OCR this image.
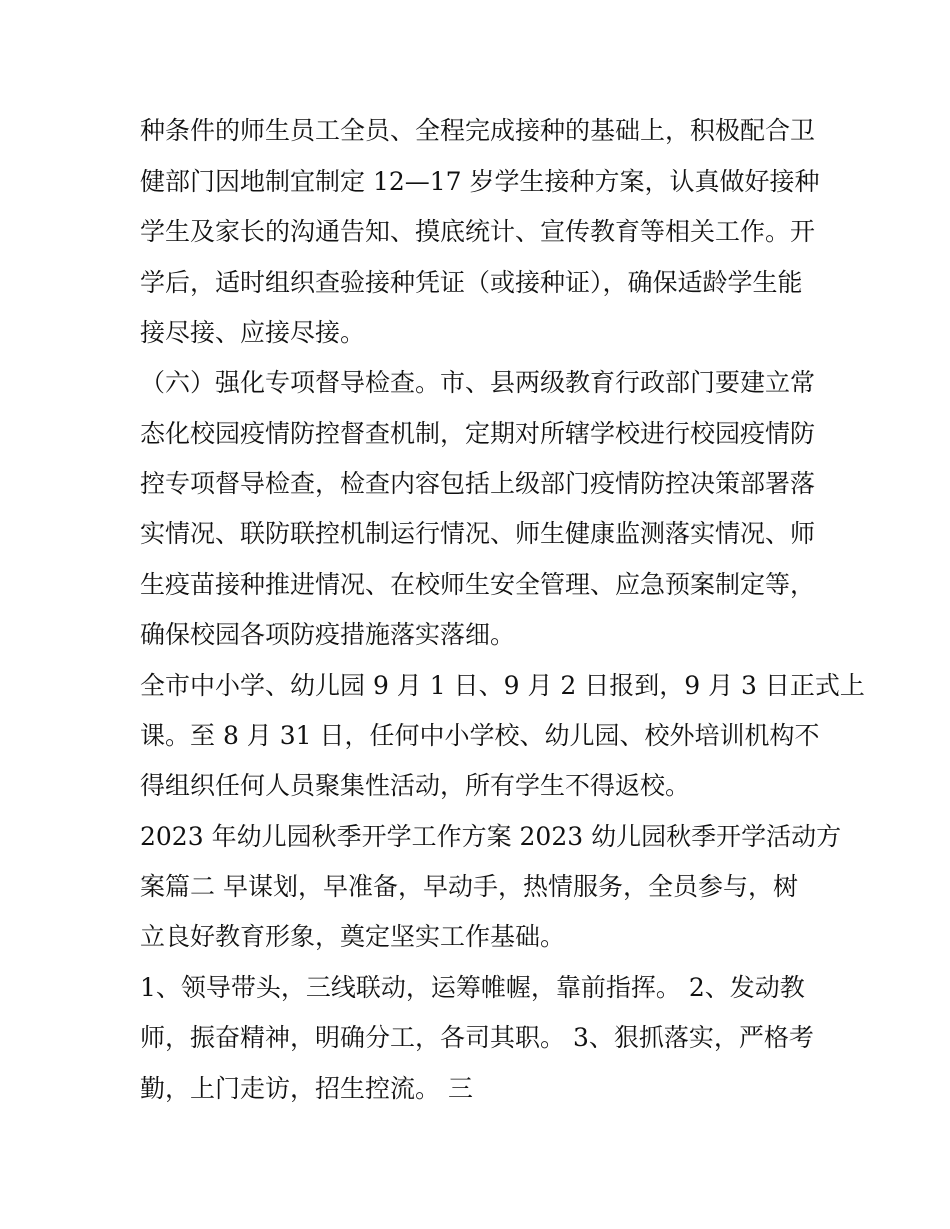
种条件的师生员工全员、全程完成接种的基础上，积极配合卫
健部门因地制宜制定 12—17 岁学生接种方案，认真做好接种
学生及家长的沟通告知、摸底统计、宣传教育等相关工作。开
学后，适时组织查验接种凭证（或接种证），确保适龄学生能
接尽接、应接尽接。
（六）强化专项督导检查。市、县两级教育行政部门要建立常
态化校园疫情防控督查机制，定期对所辖学校进行校园疫情防
控专项督导检查，检查内容包括上级部门疫情防控决策部署落
实情况、联防联控机制运行情况、师生健康监测落实情况、师
生疫苗接种推进情况、在校师生安全管理、应急预案制定等，
确保校园各项防疫措施落实落细。
全市中小学、幼儿园 9 月 1 日、9 月 2 日报到，9 月 3 日正式上
课。至 8 月 31 日，任何中小学校、幼儿园、校外培训机构不
得组织任何人员聚集性活动，所有学生不得返校。
2023 年幼儿园秋季开学工作方案 2023 幼儿园秋季开学活动方
案篇二 早谋划，早准备，早动手，热情服务，全员参与，树
立良好教育形象，奠定坚实工作基础。
1、领导带头，三线联动，运筹帷幄，靠前指挥。 2、发动教
师，振奋精神，明确分工，各司其职。 3、狠抓落实，严格考
勤，上门走访，招生控流。 三
